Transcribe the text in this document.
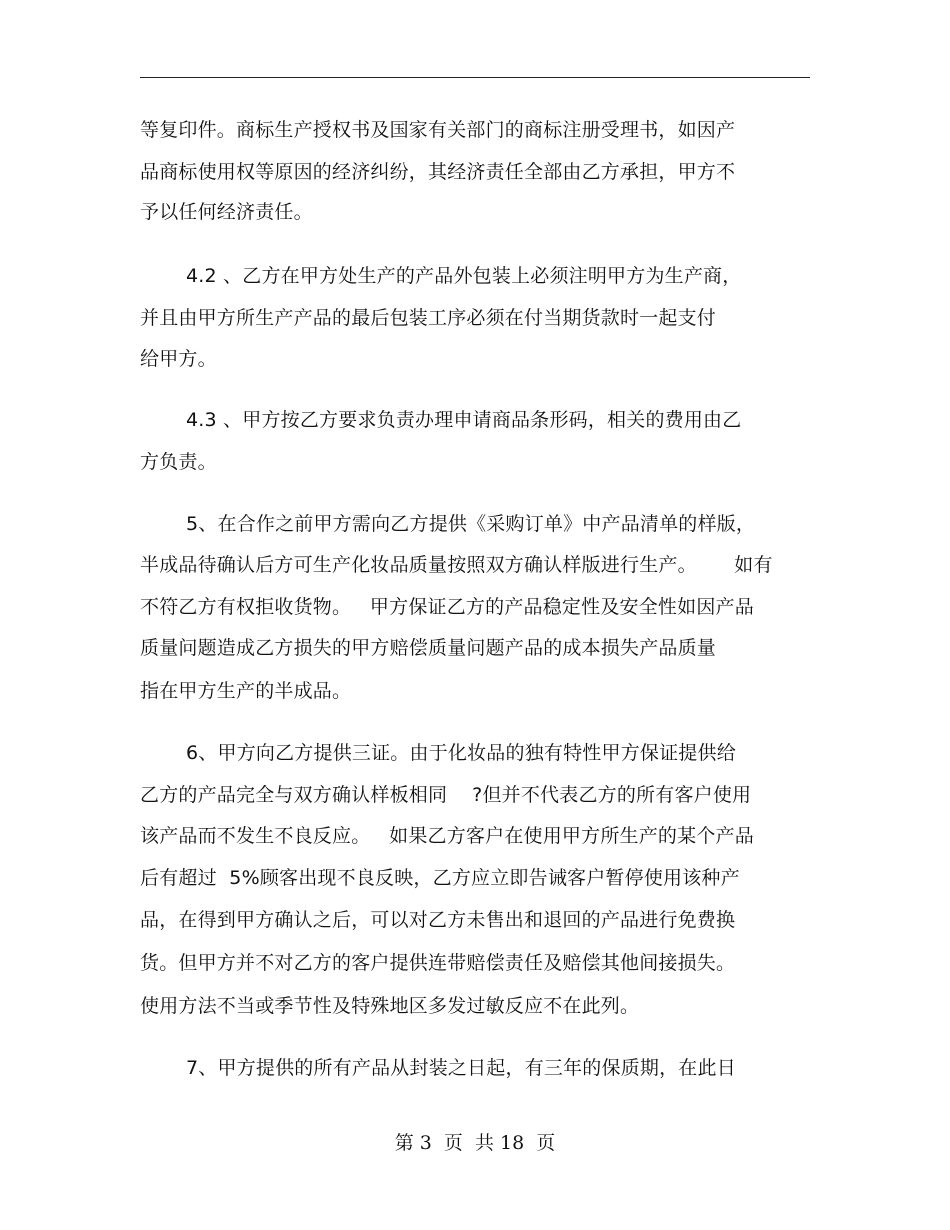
等复印件。商标生产授权书及国家有关部门的商标注册受理书，如因产
品商标使用权等原因的经济纠纷，其经济责任全部由乙方承担，甲方不
予以任何经济责任。
4.2 、乙方在甲方处生产的产品外包装上必须注明甲方为生产商，
并且由甲方所生产产品的最后包装工序必须在付当期货款时一起支付
给甲方。
4.3 、甲方按乙方要求负责办理申请商品条形码，相关的费用由乙
方负责。
5、在合作之前甲方需向乙方提供《采购订单》中产品清单的样版，
半成品待确认后方可生产化妆品质量按照双方确认样版进行生产。      如有
不符乙方有权拒收货物。   甲方保证乙方的产品稳定性及安全性如因产品
质量问题造成乙方损失的甲方赔偿质量问题产品的成本损失产品质量
指在甲方生产的半成品。
6、甲方向乙方提供三证。由于化妆品的独有特性甲方保证提供给
乙方的产品完全与双方确认样板相同    ?但并不代表乙方的所有客户使用
该产品而不发生不良反应。   如果乙方客户在使用甲方所生产的某个产品
后有超过  5%顾客出现不良反映，乙方应立即告诫客户暂停使用该种产
品，在得到甲方确认之后，可以对乙方未售出和退回的产品进行免费换
货。但甲方并不对乙方的客户提供连带赔偿责任及赔偿其他间接损失。
使用方法不当或季节性及特殊地区多发过敏反应不在此列。
7、甲方提供的所有产品从封装之日起，有三年的保质期，在此日
第 3  页  共 18  页
